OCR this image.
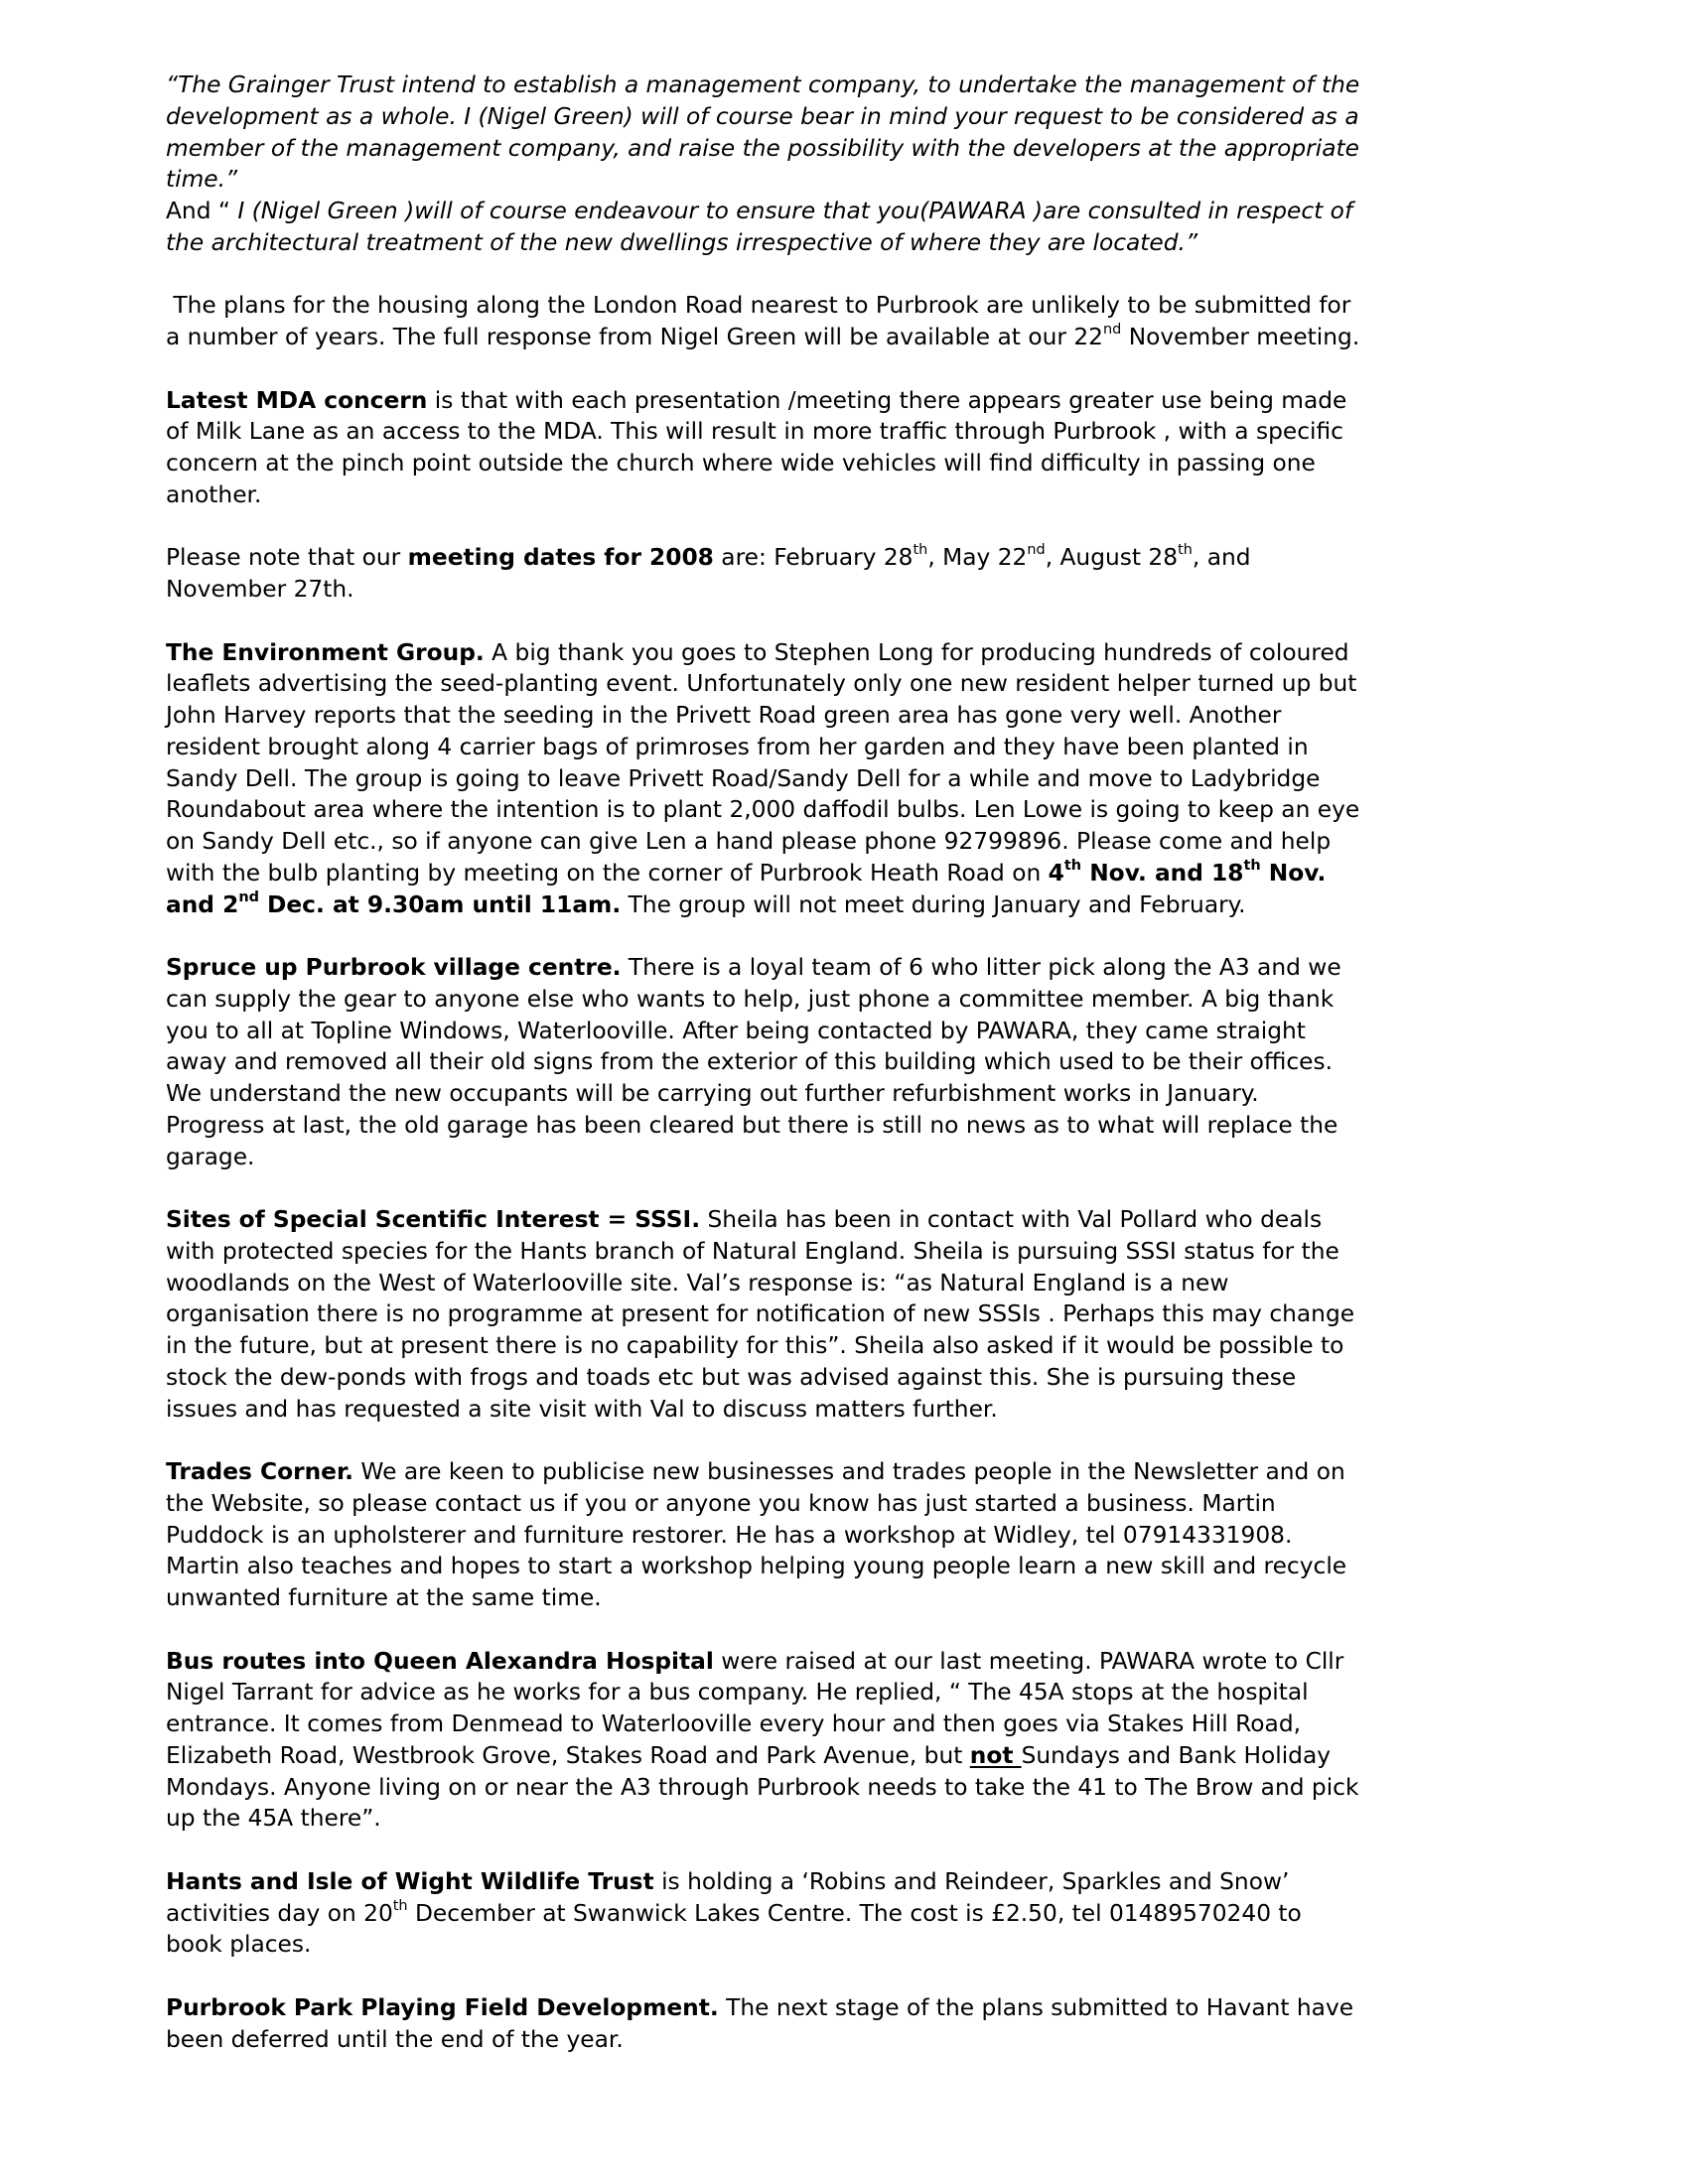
“The Grainger Trust intend to establish a management company, to undertake the management of the
development as a whole. I (Nigel Green) will of course bear in mind your request to be considered as a
member of the management company, and raise the possibility with the developers at the appropriate
time.”
And “ I (Nigel Green )will of course endeavour to ensure that you(PAWARA )are consulted in respect of
the architectural treatment of the new dwellings irrespective of where they are located.”
The plans for the housing along the London Road nearest to Purbrook are unlikely to be submitted for
a number of years. The full response from Nigel Green will be available at our 22nd November meeting.
Latest MDA concern is that with each presentation /meeting there appears greater use being made
of Milk Lane as an access to the MDA. This will result in more traffic through Purbrook , with a specific
concern at the pinch point outside the church where wide vehicles will find difficulty in passing one
another.
Please note that our meeting dates for 2008 are: February 28th, May 22nd, August 28th, and
November 27th.
The Environment Group. A big thank you goes to Stephen Long for producing hundreds of coloured
leaflets advertising the seed-planting event. Unfortunately only one new resident helper turned up but
John Harvey reports that the seeding in the Privett Road green area has gone very well. Another
resident brought along 4 carrier bags of primroses from her garden and they have been planted in
Sandy Dell. The group is going to leave Privett Road/Sandy Dell for a while and move to Ladybridge
Roundabout area where the intention is to plant 2,000 daffodil bulbs. Len Lowe is going to keep an eye
on Sandy Dell etc., so if anyone can give Len a hand please phone 92799896. Please come and help
with the bulb planting by meeting on the corner of Purbrook Heath Road on 4th Nov. and 18th Nov.
and 2nd Dec. at 9.30am until 11am. The group will not meet during January and February.
Spruce up Purbrook village centre. There is a loyal team of 6 who litter pick along the A3 and we
can supply the gear to anyone else who wants to help, just phone a committee member. A big thank
you to all at Topline Windows, Waterlooville. After being contacted by PAWARA, they came straight
away and removed all their old signs from the exterior of this building which used to be their offices.
We understand the new occupants will be carrying out further refurbishment works in January.
Progress at last, the old garage has been cleared but there is still no news as to what will replace the
garage.
Sites of Special Scentific Interest = SSSI. Sheila has been in contact with Val Pollard who deals
with protected species for the Hants branch of Natural England. Sheila is pursuing SSSI status for the
woodlands on the West of Waterlooville site. Val’s response is: “as Natural England is a new
organisation there is no programme at present for notification of new SSSIs . Perhaps this may change
in the future, but at present there is no capability for this”. Sheila also asked if it would be possible to
stock the dew-ponds with frogs and toads etc but was advised against this. She is pursuing these
issues and has requested a site visit with Val to discuss matters further.
Trades Corner. We are keen to publicise new businesses and trades people in the Newsletter and on
the Website, so please contact us if you or anyone you know has just started a business. Martin
Puddock is an upholsterer and furniture restorer. He has a workshop at Widley, tel 07914331908.
Martin also teaches and hopes to start a workshop helping young people learn a new skill and recycle
unwanted furniture at the same time.
Bus routes into Queen Alexandra Hospital were raised at our last meeting. PAWARA wrote to Cllr
Nigel Tarrant for advice as he works for a bus company. He replied, “ The 45A stops at the hospital
entrance. It comes from Denmead to Waterlooville every hour and then goes via Stakes Hill Road,
Elizabeth Road, Westbrook Grove, Stakes Road and Park Avenue, but not Sundays and Bank Holiday
Mondays. Anyone living on or near the A3 through Purbrook needs to take the 41 to The Brow and pick
up the 45A there”.
Hants and Isle of Wight Wildlife Trust is holding a ‘Robins and Reindeer, Sparkles and Snow’
activities day on 20th December at Swanwick Lakes Centre. The cost is £2.50, tel 01489570240 to
book places.
Purbrook Park Playing Field Development. The next stage of the plans submitted to Havant have
been deferred until the end of the year.
